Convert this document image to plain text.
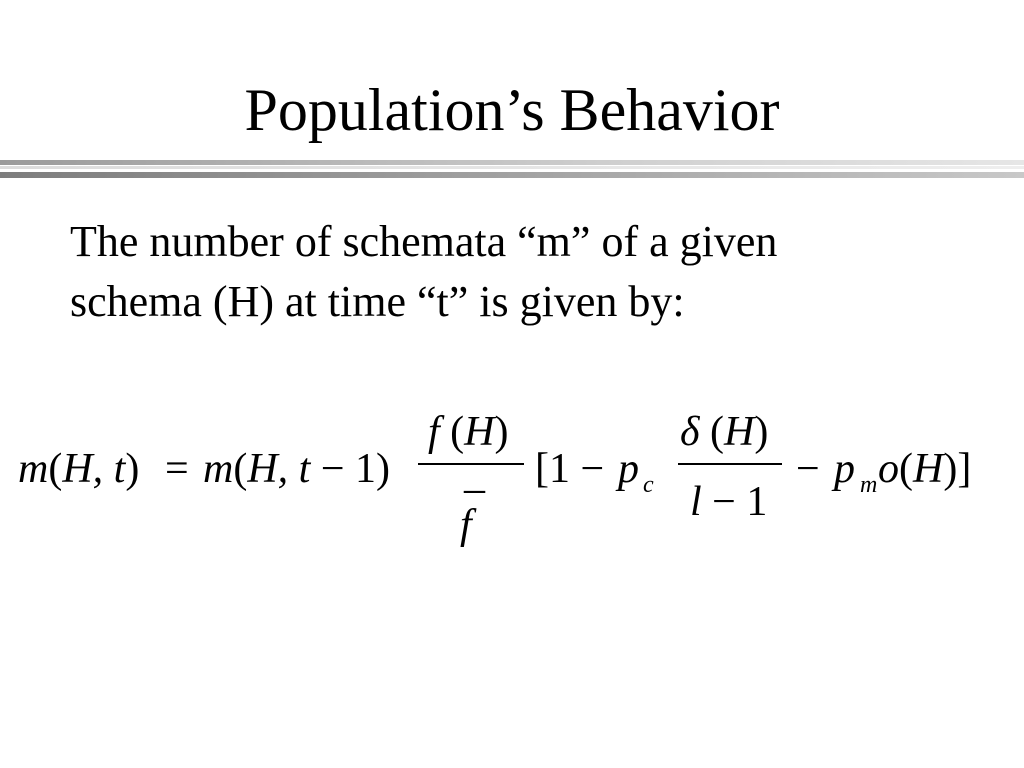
Population’s Behavior
The number of schemata “m” of a given
schema (H) at time “t” is given by:
m(H, t) = m(H, t − 1)
f (H)
–
f
[1 − p c
δ (H)
l − 1
− p m o(H)]
